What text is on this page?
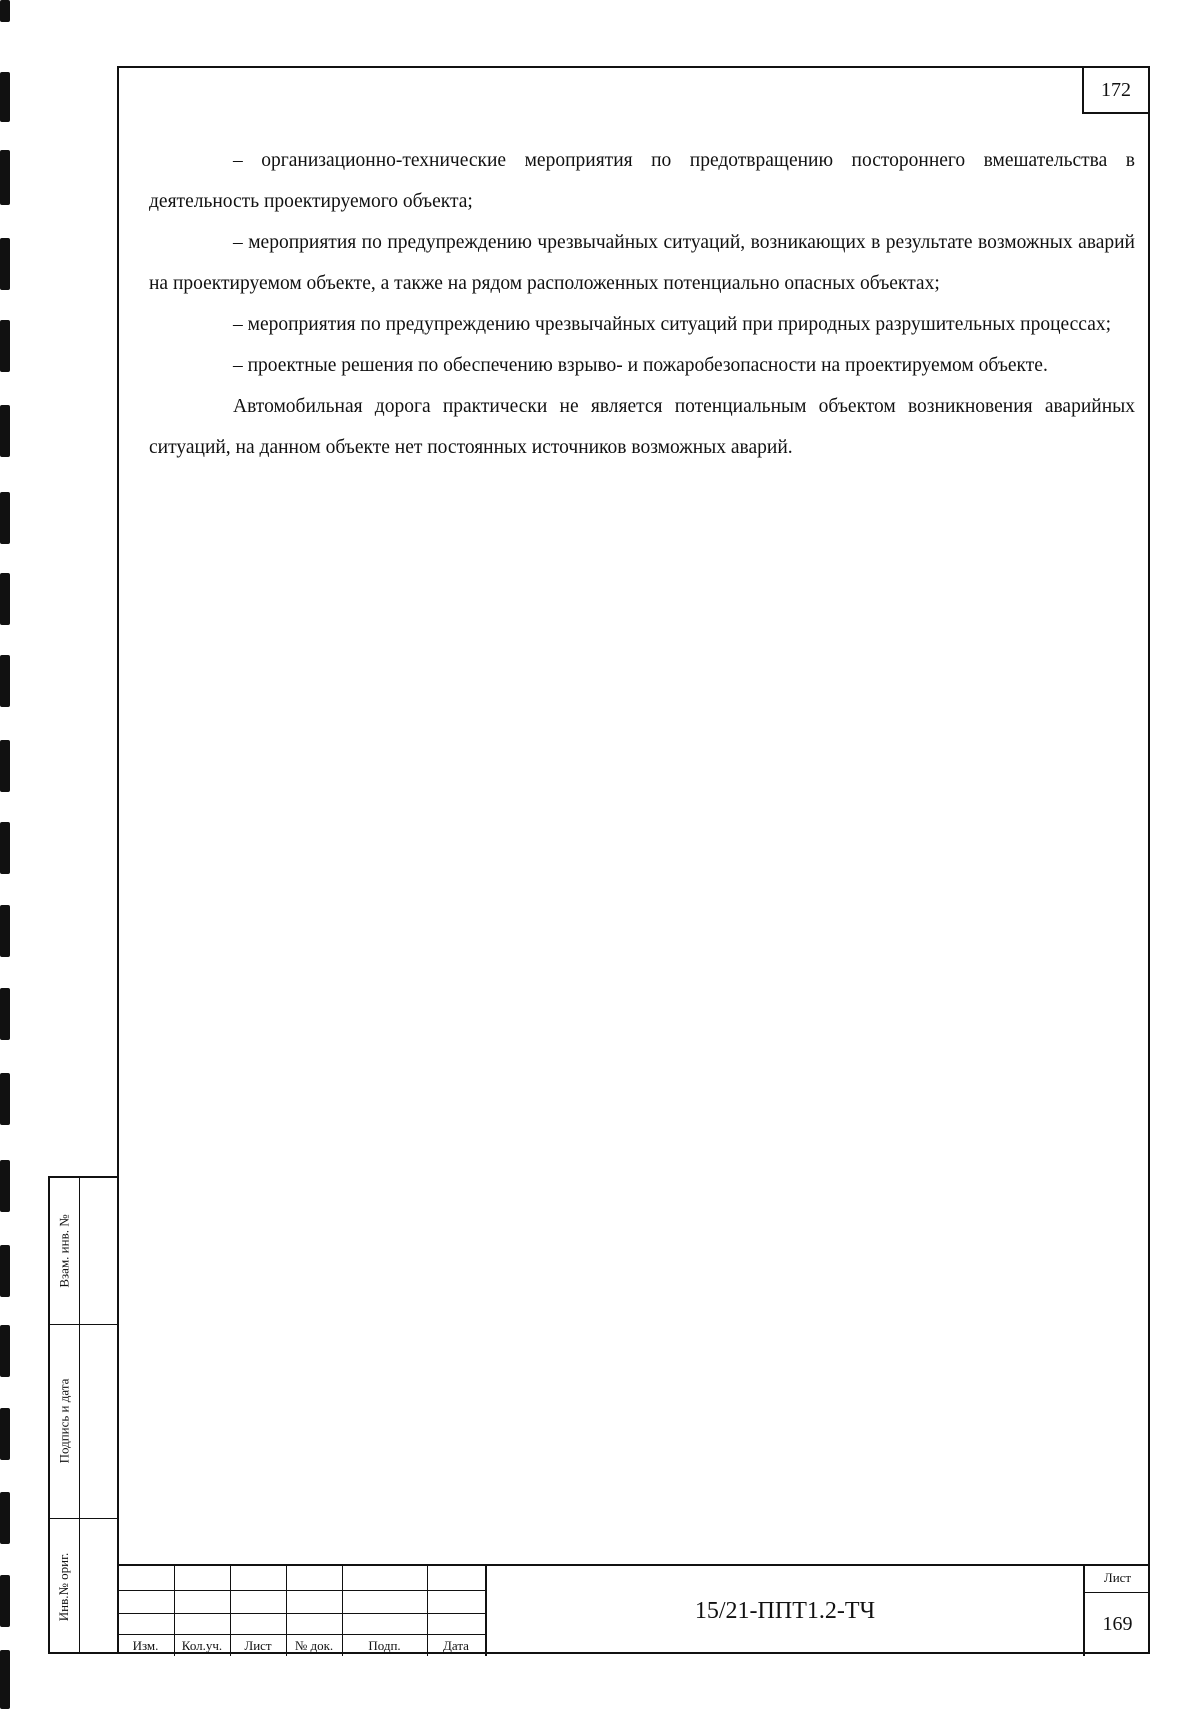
172

– организационно-технические мероприятия по предотвращению постороннего вмешательства в деятельность проектируемого объекта;

– мероприятия по предупреждению чрезвычайных ситуаций, возникающих в результате возможных аварий на проектируемом объекте, а также на рядом расположенных потенциально опасных объектах;

– мероприятия по предупреждению чрезвычайных ситуаций при природных разрушительных процессах;

– проектные решения по обеспечению взрыво- и пожаробезопасности на проектируемом объекте.

Автомобильная дорога практически не является потенциальным объектом возникновения аварийных ситуаций, на данном объекте нет постоянных источников возможных аварий.

Взам. инв. №
Подпись и дата
Инв.№ ориг.
Изм.	Кол.уч.	Лист	№ док.	Подп.	Дата
15/21-ППТ1.2-ТЧ
Лист
169
